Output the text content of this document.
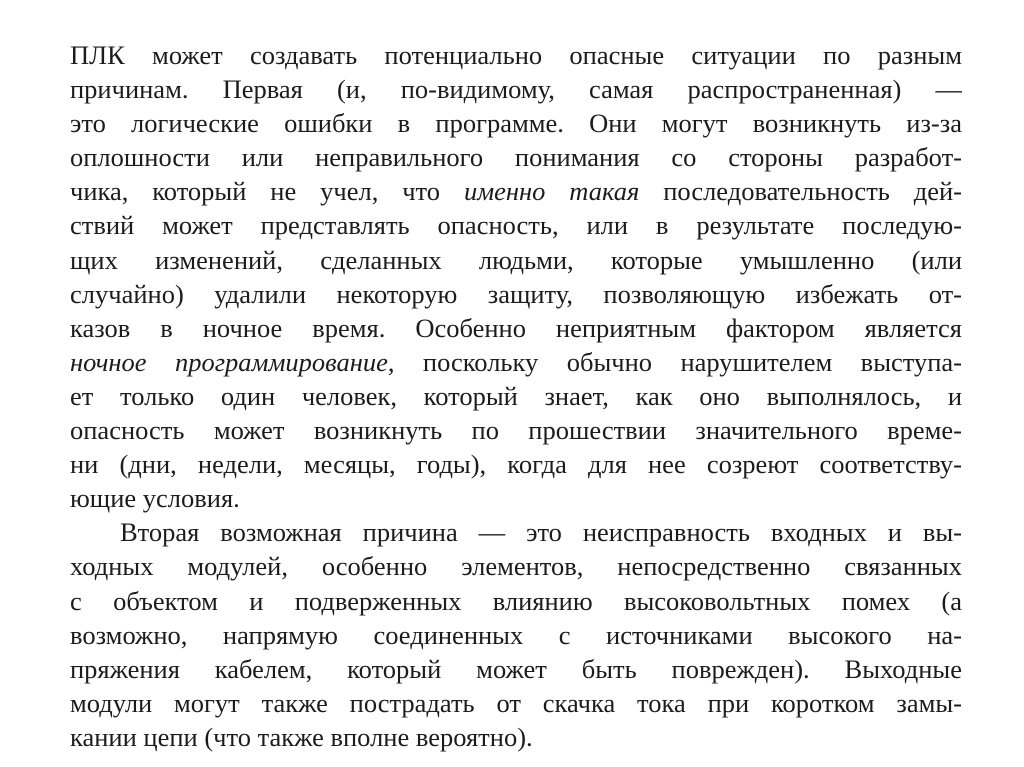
ПЛК может создавать потенциально опасные ситуации по разным
причинам. Первая (и, по-видимому, самая распространенная) —
это логические ошибки в программе. Они могут возникнуть из-за
оплошности или неправильного понимания со стороны разработ-
чика, который не учел, что именно такая последовательность дей-
ствий может представлять опасность, или в результате последую-
щих изменений, сделанных людьми, которые умышленно (или
случайно) удалили некоторую защиту, позволяющую избежать от-
казов в ночное время. Особенно неприятным фактором является
ночное программирование, поскольку обычно нарушителем выступа-
ет только один человек, который знает, как оно выполнялось, и
опасность может возникнуть по прошествии значительного време-
ни (дни, недели, месяцы, годы), когда для нее созреют соответству-
ющие условия.
Вторая возможная причина — это неисправность входных и вы-
ходных модулей, особенно элементов, непосредственно связанных
с объектом и подверженных влиянию высоковольтных помех (а
возможно, напрямую соединенных с источниками высокого на-
пряжения кабелем, который может быть поврежден). Выходные
модули могут также пострадать от скачка тока при коротком замы-
кании цепи (что также вполне вероятно).
